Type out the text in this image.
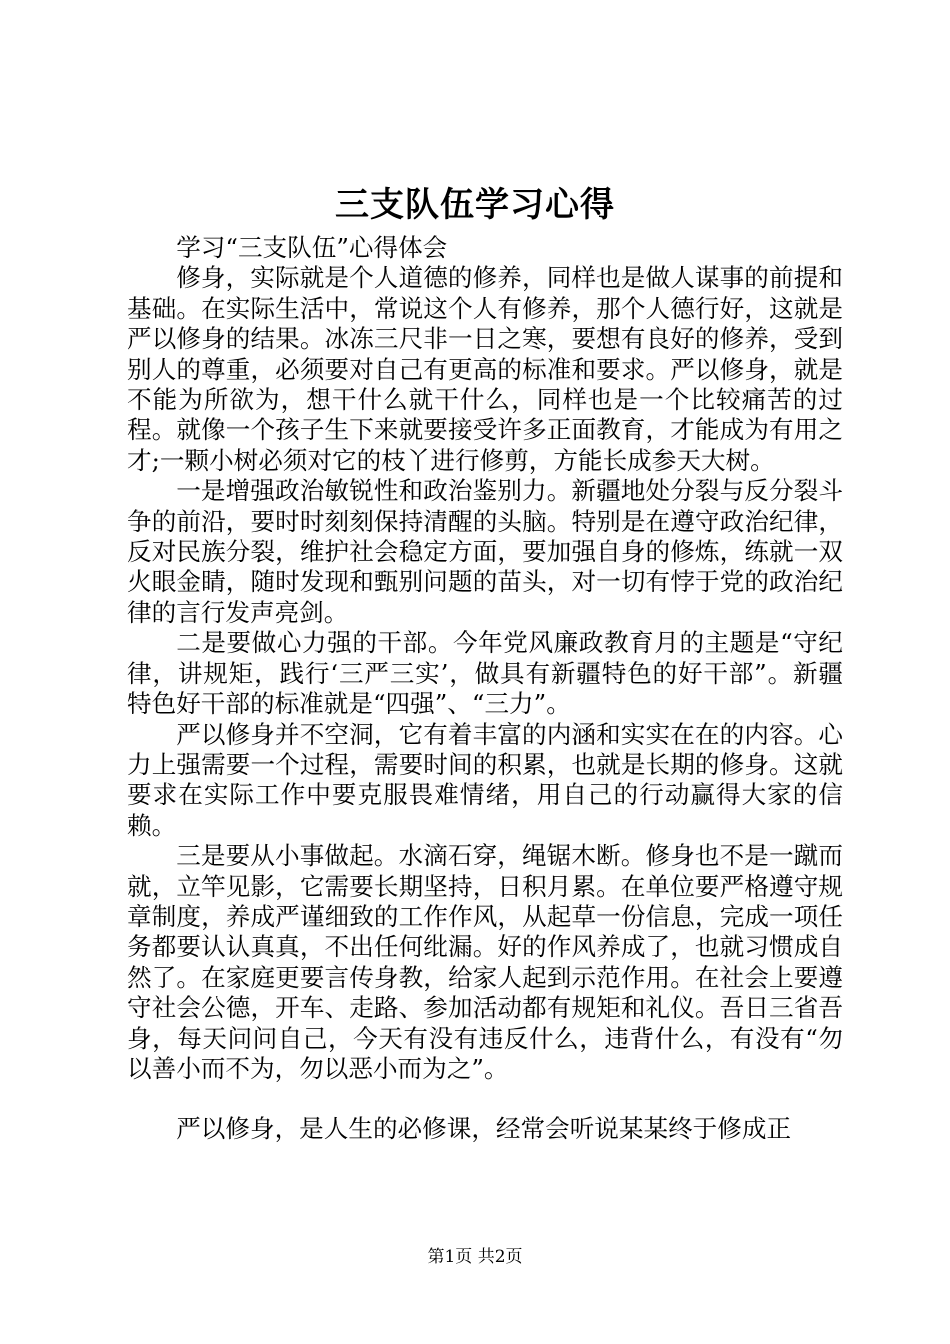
三支队伍学习心得

学习“三支队伍”心得体会

修身，实际就是个人道德的修养，同样也是做人谋事的前提和基础。在实际生活中，常说这个人有修养，那个人德行好，这就是严以修身的结果。冰冻三尺非一日之寒，要想有良好的修养，受到别人的尊重，必须要对自己有更高的标准和要求。严以修身，就是不能为所欲为，想干什么就干什么，同样也是一个比较痛苦的过程。就像一个孩子生下来就要接受许多正面教育，才能成为有用之才;一颗小树必须对它的枝丫进行修剪，方能长成参天大树。

一是增强政治敏锐性和政治鉴别力。新疆地处分裂与反分裂斗争的前沿，要时时刻刻保持清醒的头脑。特别是在遵守政治纪律，反对民族分裂，维护社会稳定方面，要加强自身的修炼，练就一双火眼金睛，随时发现和甄别问题的苗头，对一切有悖于党的政治纪律的言行发声亮剑。

二是要做心力强的干部。今年党风廉政教育月的主题是“守纪律，讲规矩，践行‘三严三实’，做具有新疆特色的好干部”。新疆特色好干部的标准就是“四强”、“三力”。

严以修身并不空洞，它有着丰富的内涵和实实在在的内容。心力上强需要一个过程，需要时间的积累，也就是长期的修身。这就要求在实际工作中要克服畏难情绪，用自己的行动赢得大家的信赖。

三是要从小事做起。水滴石穿，绳锯木断。修身也不是一蹴而就，立竿见影，它需要长期坚持，日积月累。在单位要严格遵守规章制度，养成严谨细致的工作作风，从起草一份信息，完成一项任务都要认认真真，不出任何纰漏。好的作风养成了，也就习惯成自然了。在家庭更要言传身教，给家人起到示范作用。在社会上要遵守社会公德，开车、走路、参加活动都有规矩和礼仪。吾日三省吾身，每天问问自己，今天有没有违反什么，违背什么，有没有“勿以善小而不为，勿以恶小而为之”。

严以修身，是人生的必修课，经常会听说某某终于修成正

第1页 共2页
